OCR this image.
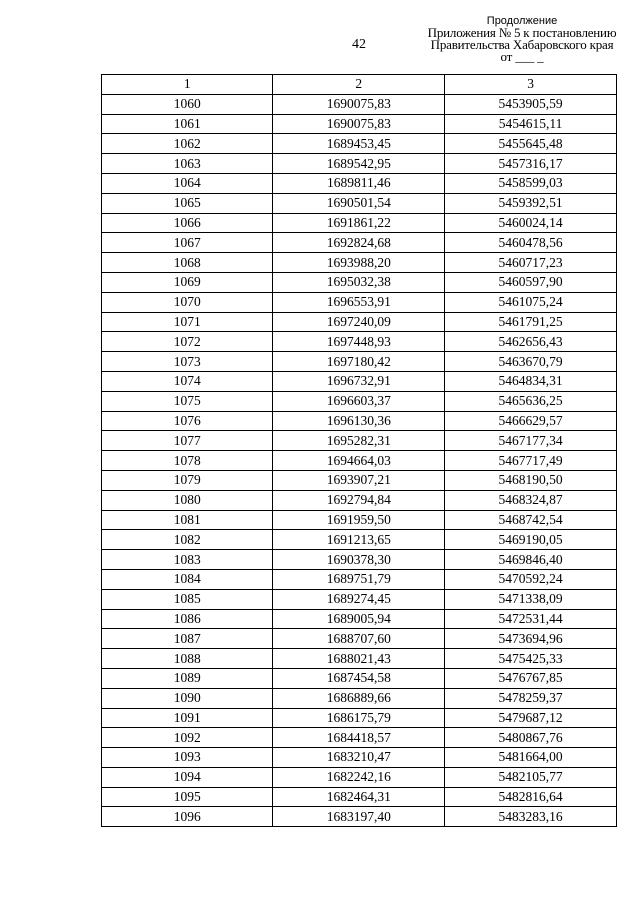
42
Продолжение
Приложения № 5 к постановлению
Правительства Хабаровского края
от ___ _
1	2	3
1060	1690075,83	5453905,59
1061	1690075,83	5454615,11
1062	1689453,45	5455645,48
1063	1689542,95	5457316,17
1064	1689811,46	5458599,03
1065	1690501,54	5459392,51
1066	1691861,22	5460024,14
1067	1692824,68	5460478,56
1068	1693988,20	5460717,23
1069	1695032,38	5460597,90
1070	1696553,91	5461075,24
1071	1697240,09	5461791,25
1072	1697448,93	5462656,43
1073	1697180,42	5463670,79
1074	1696732,91	5464834,31
1075	1696603,37	5465636,25
1076	1696130,36	5466629,57
1077	1695282,31	5467177,34
1078	1694664,03	5467717,49
1079	1693907,21	5468190,50
1080	1692794,84	5468324,87
1081	1691959,50	5468742,54
1082	1691213,65	5469190,05
1083	1690378,30	5469846,40
1084	1689751,79	5470592,24
1085	1689274,45	5471338,09
1086	1689005,94	5472531,44
1087	1688707,60	5473694,96
1088	1688021,43	5475425,33
1089	1687454,58	5476767,85
1090	1686889,66	5478259,37
1091	1686175,79	5479687,12
1092	1684418,57	5480867,76
1093	1683210,47	5481664,00
1094	1682242,16	5482105,77
1095	1682464,31	5482816,64
1096	1683197,40	5483283,16
